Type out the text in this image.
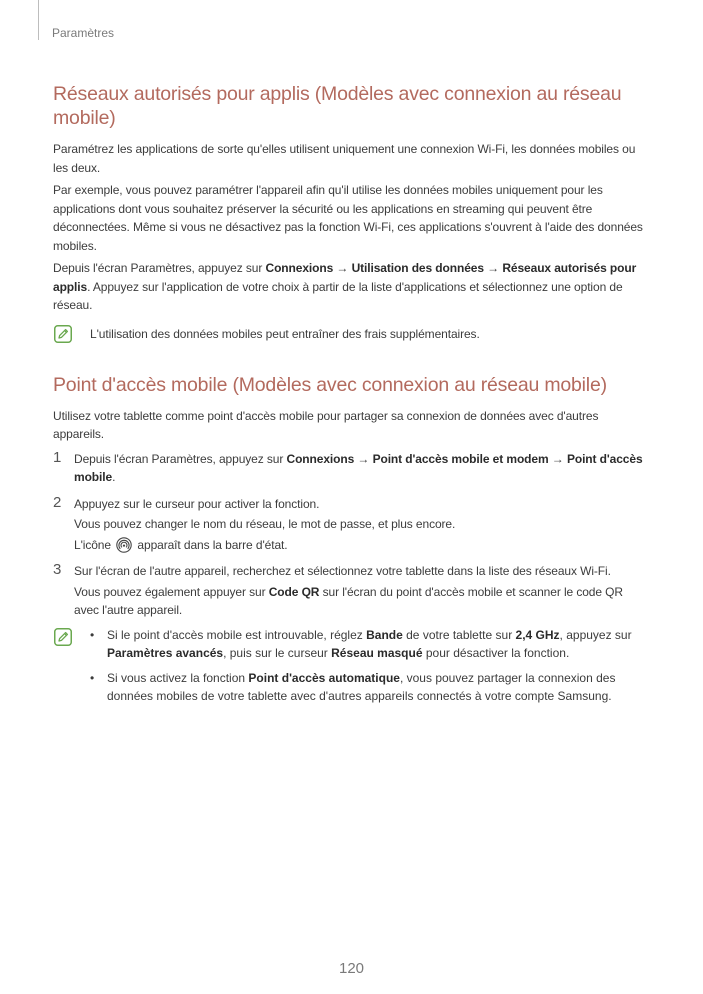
Paramètres
Réseaux autorisés pour applis (Modèles avec connexion au réseau mobile)

Paramétrez les applications de sorte qu'elles utilisent uniquement une connexion Wi-Fi, les données mobiles ou les deux.

Par exemple, vous pouvez paramétrer l'appareil afin qu'il utilise les données mobiles uniquement pour les applications dont vous souhaitez préserver la sécurité ou les applications en streaming qui peuvent être déconnectées. Même si vous ne désactivez pas la fonction Wi-Fi, ces applications s'ouvrent à l'aide des données mobiles.

Depuis l'écran Paramètres, appuyez sur Connexions → Utilisation des données → Réseaux autorisés pour applis. Appuyez sur l'application de votre choix à partir de la liste d'applications et sélectionnez une option de réseau.

L'utilisation des données mobiles peut entraîner des frais supplémentaires.

Point d'accès mobile (Modèles avec connexion au réseau mobile)

Utilisez votre tablette comme point d'accès mobile pour partager sa connexion de données avec d'autres appareils.

1 Depuis l'écran Paramètres, appuyez sur Connexions → Point d'accès mobile et modem → Point d'accès mobile.

2 Appuyez sur le curseur pour activer la fonction.

Vous pouvez changer le nom du réseau, le mot de passe, et plus encore.

L'icône  apparaît dans la barre d'état.

3 Sur l'écran de l'autre appareil, recherchez et sélectionnez votre tablette dans la liste des réseaux Wi-Fi.

Vous pouvez également appuyer sur Code QR sur l'écran du point d'accès mobile et scanner le code QR avec l'autre appareil.

• Si le point d'accès mobile est introuvable, réglez Bande de votre tablette sur 2,4 GHz, appuyez sur Paramètres avancés, puis sur le curseur Réseau masqué pour désactiver la fonction.
• Si vous activez la fonction Point d'accès automatique, vous pouvez partager la connexion des données mobiles de votre tablette avec d'autres appareils connectés à votre compte Samsung.
120
